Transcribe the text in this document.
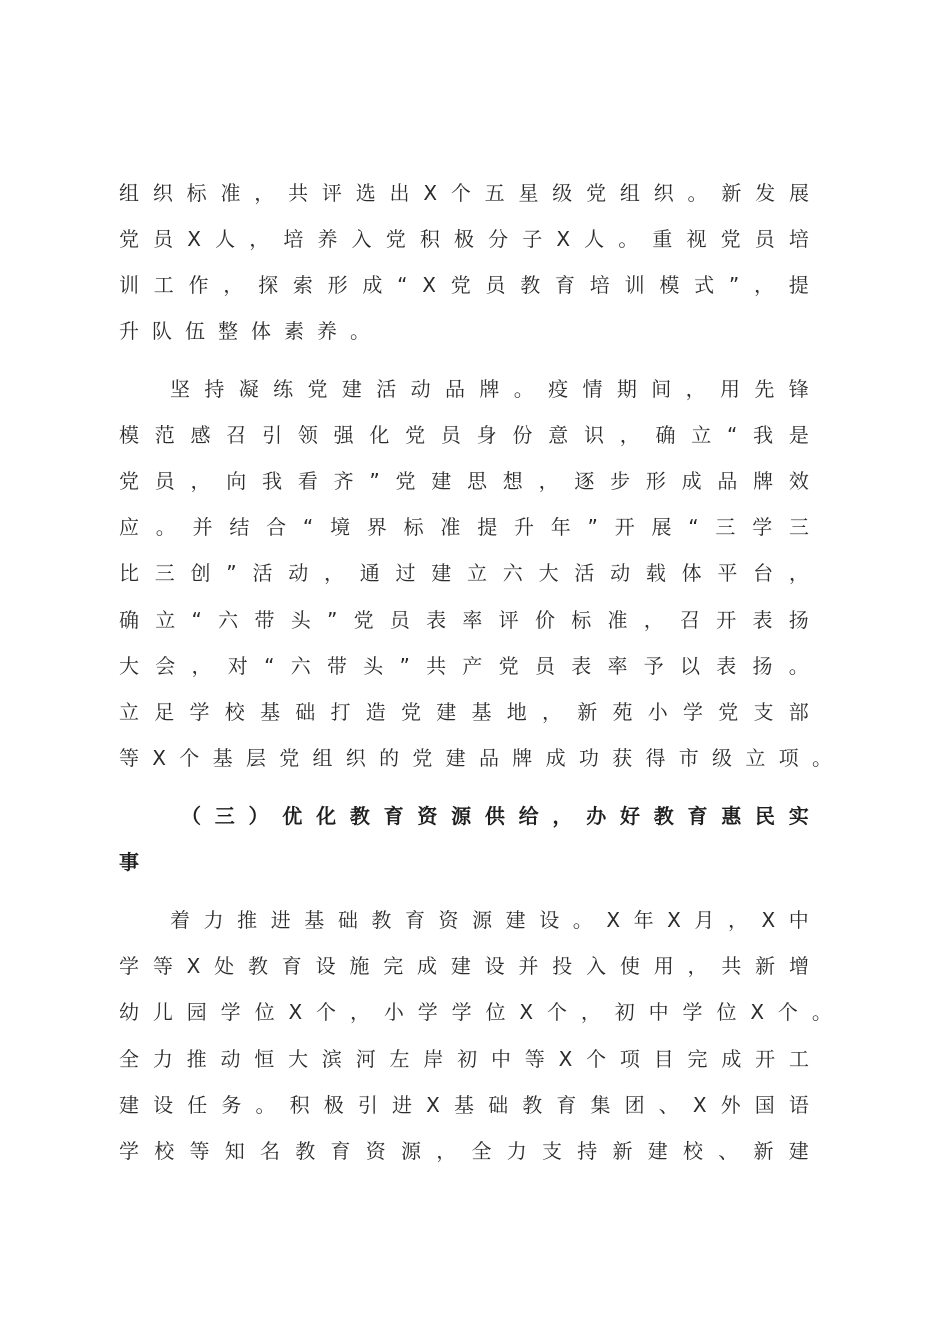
组 织 标 准 ， 共 评 选 出 X 个 五 星 级 党 组 织 。 新 发 展
党 员 X 人 ， 培 养 入 党 积 极 分 子 X 人 。 重 视 党 员 培
训 工 作 ， 探 索 形 成 “ X 党 员 教 育 培 训 模 式 ” ， 提
升 队 伍 整 体 素 养 。
坚 持 凝 练 党 建 活 动 品 牌 。 疫 情 期 间 ， 用 先 锋
模 范 感 召 引 领 强 化 党 员 身 份 意 识 ， 确 立 “ 我 是
党 员 ， 向 我 看 齐 ” 党 建 思 想 ， 逐 步 形 成 品 牌 效
应 。 并 结 合 “ 境 界 标 准 提 升 年 ” 开 展 “ 三 学 三
比 三 创 ” 活 动 ， 通 过 建 立 六 大 活 动 载 体 平 台 ，
确 立 “ 六 带 头 ” 党 员 表 率 评 价 标 准 ， 召 开 表 扬
大 会 ， 对 “ 六 带 头 ” 共 产 党 员 表 率 予 以 表 扬 。
立 足 学 校 基 础 打 造 党 建 基 地 ， 新 苑 小 学 党 支 部
等 X 个 基 层 党 组 织 的 党 建 品 牌 成 功 获 得 市 级 立 项 。
（ 三 ） 优 化 教 育 资 源 供 给 ， 办 好 教 育 惠 民 实
事
着 力 推 进 基 础 教 育 资 源 建 设 。 X 年 X 月 ， X 中
学 等 X 处 教 育 设 施 完 成 建 设 并 投 入 使 用 ， 共 新 增
幼 儿 园 学 位 X 个 ， 小 学 学 位 X 个 ， 初 中 学 位 X 个 。
全 力 推 动 恒 大 滨 河 左 岸 初 中 等 X 个 项 目 完 成 开 工
建 设 任 务 。 积 极 引 进 X 基 础 教 育 集 团 、 X 外 国 语
学 校 等 知 名 教 育 资 源 ， 全 力 支 持 新 建 校 、 新 建
